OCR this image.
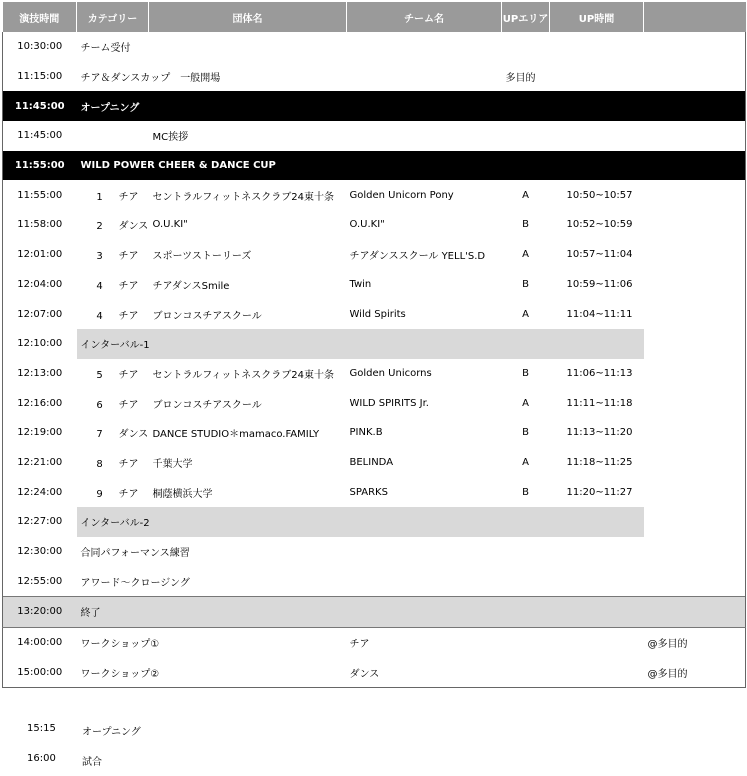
演技時間	カテゴリー	団体名	チーム名	UPエリア	UP時間	
10:30:00	チーム受付					
11:15:00	チア＆ダンスカップ　一般開場			多目的		
11:45:00	オープニング					
11:45:00		MC挨拶				
11:55:00	WILD POWER CHEER & DANCE CUP					
11:55:00	1 チア	セントラルフィットネスクラブ24東十条	Golden Unicorn Pony	A	10:50~10:57	
11:58:00	2 ダンス	O.U.KI"	O.U.KI"	B	10:52~10:59	
12:01:00	3 チア	スポーツストーリーズ	チアダンススクール YELL'S.D	A	10:57~11:04	
12:04:00	4 チア	チアダンスSmile	Twin	B	10:59~11:06	
12:07:00	4 チア	ブロンコスチアスクール	Wild Spirits	A	11:04~11:11	
12:10:00	インターバル-1					
12:13:00	5 チア	セントラルフィットネスクラブ24東十条	Golden Unicorns	B	11:06~11:13	
12:16:00	6 チア	ブロンコスチアスクール	WILD SPIRITS Jr.	A	11:11~11:18	
12:19:00	7 ダンス	DANCE STUDIO＊mamaco.FAMILY	PINK.B	B	11:13~11:20	
12:21:00	8 チア	千葉大学	BELINDA	A	11:18~11:25	
12:24:00	9 チア	桐蔭横浜大学	SPARKS	B	11:20~11:27	
12:27:00	インターバル-2					
12:30:00	合同パフォーマンス練習					
12:55:00	アワード～クロージング					
13:20:00	終了					
14:00:00	ワークショップ①		チア			@多目的
15:00:00	ワークショップ②		ダンス			@多目的
15:15	オープニング
16:00	試合
